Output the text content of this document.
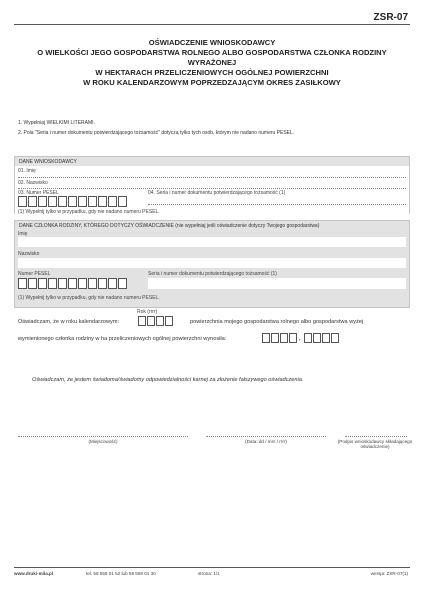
ZSR-07
OŚWIADCZENIE WNIOSKODAWCY
O WIELKOŚCI JEGO GOSPODARSTWA ROLNEGO ALBO GOSPODARSTWA CZŁONKA RODZINY WYRAŻONEJ
W HEKTARACH PRZELICZENIOWYCH OGÓLNEJ POWIERZCHNI
W ROKU KALENDARZOWYM POPRZEDZAJĄCYM OKRES ZASIŁKOWY
1. Wypełniaj WIELKIMI LITERAMI.
2. Pola "Seria i numer dokumentu potwierdzającego tożsamość" dotyczą tylko tych osób, którym nie nadano numeru PESEL.
DANE WNIOSKODAWCY
01. Imię
02. Nazwisko
03. Numer PESEL	04. Seria i numer dokumentu potwierdzającego tożsamość (1)
(1) Wypełnij tylko w przypadku, gdy nie nadano numeru PESEL.
DANE CZŁONKA RODZINY, KTÓREGO DOTYCZY OŚWIADCZENIE (nie wypełniaj jeśli oświadczenie dotyczy Twojego gospodarstwa)
Imię
Nazwisko
Numer PESEL	Seria i numer dokumentu potwierdzającego tożsamość (1)
(1) Wypełnij tylko w przypadku, gdy nie nadano numeru PESEL.
Rok (rrrr)
Oświadczam, że w roku kalendarzowym:	powierzchnia mojego gospodarstwa rolnego albo gospodarstwa wyżej
wymienionego członka rodziny w ha przeliczeniowych ogólnej powierzchni wynosiła:	,
Oświadczam, że jestem świadoma/świadomy odpowiedzialności karnej za złożenie fałszywego oświadczenia.
(Miejscowość)	(Data: dd / mm / rrrr)	(Podpis wnioskodawcy składającego oświadczenie)
www.druki-mila.pl	tel. 58 559 01 52 lub 58 559 01 30	strona: 1/1	wersja: ZSR-07(1)
